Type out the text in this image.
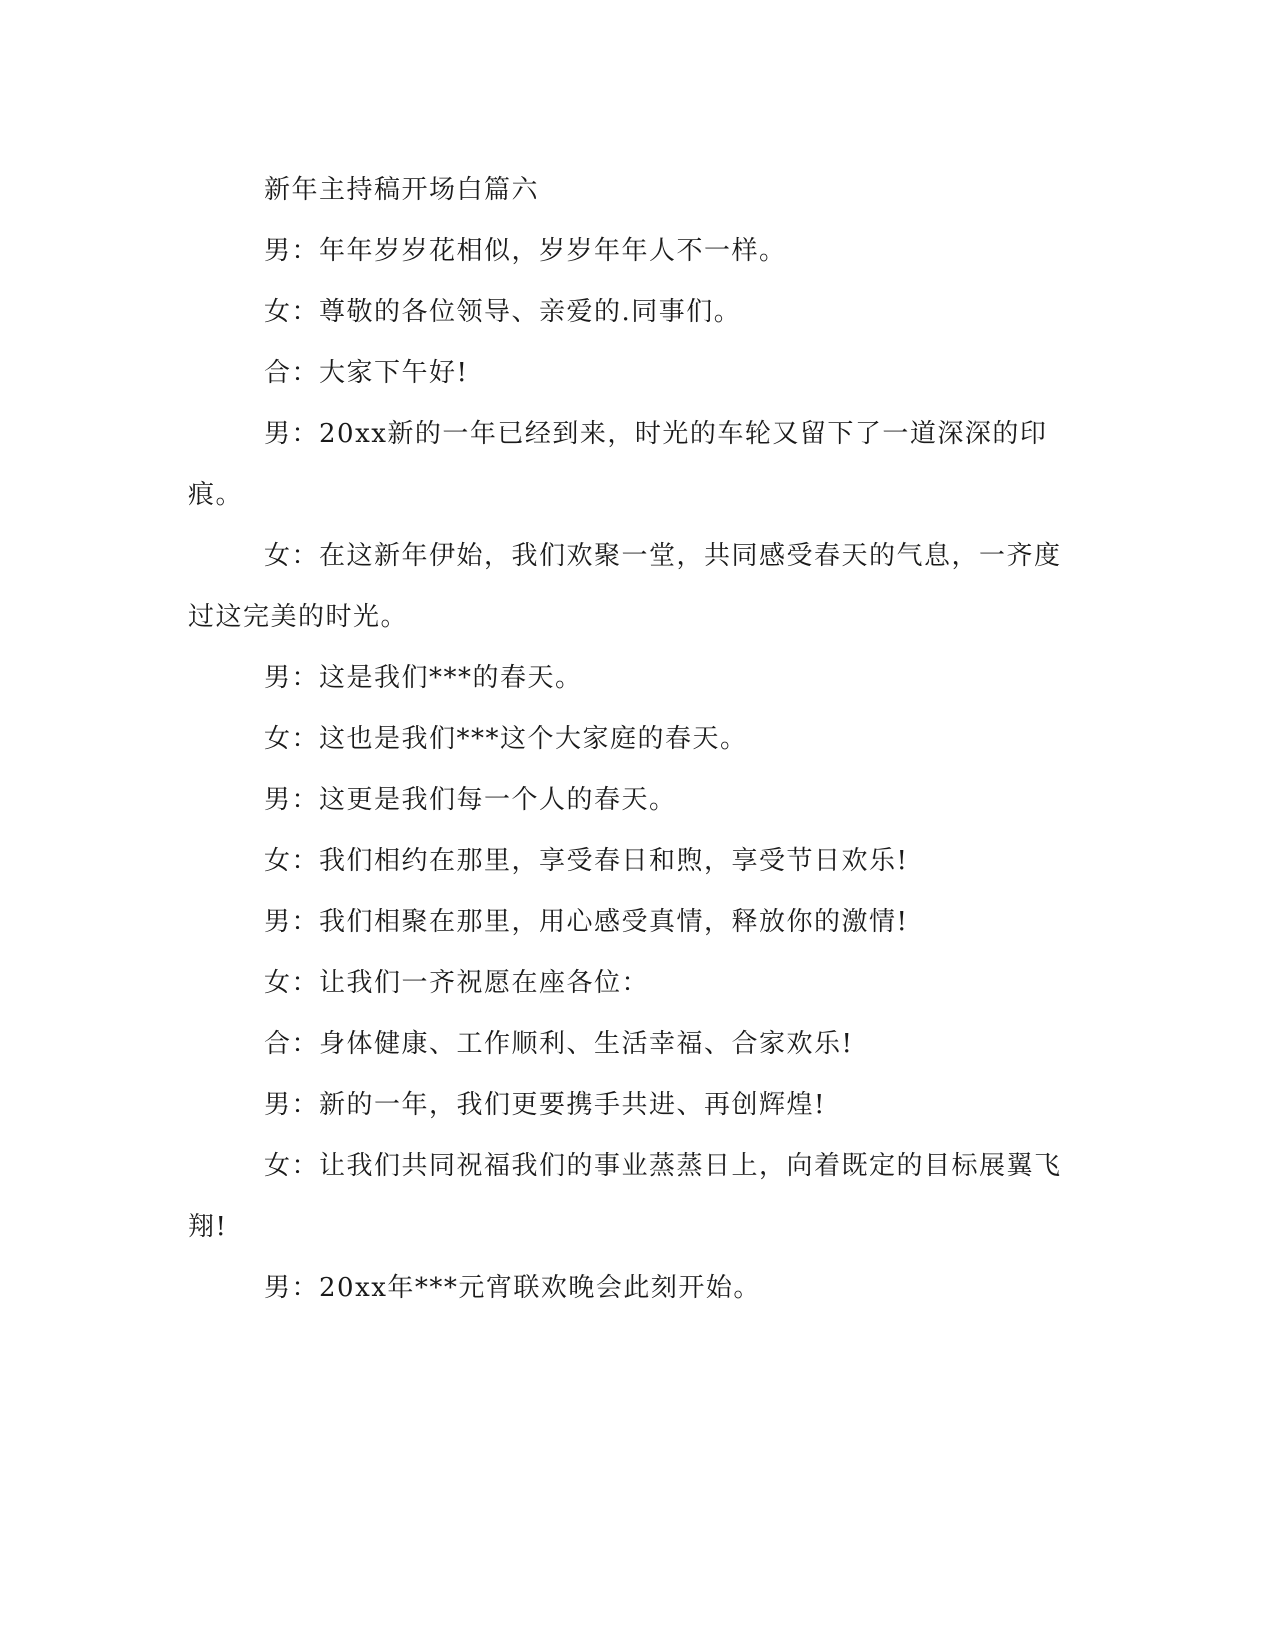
新年主持稿开场白篇六

男：年年岁岁花相似，岁岁年年人不一样。

女：尊敬的各位领导、亲爱的.同事们。

合：大家下午好!

男：20xx新的一年已经到来，时光的车轮又留下了一道深深的印痕。

女：在这新年伊始，我们欢聚一堂，共同感受春天的气息，一齐度过这完美的时光。

男：这是我们***的春天。

女：这也是我们***这个大家庭的春天。

男：这更是我们每一个人的春天。

女：我们相约在那里，享受春日和煦，享受节日欢乐!

男：我们相聚在那里，用心感受真情，释放你的激情!

女：让我们一齐祝愿在座各位：

合：身体健康、工作顺利、生活幸福、合家欢乐!

男：新的一年，我们更要携手共进、再创辉煌!

女：让我们共同祝福我们的事业蒸蒸日上，向着既定的目标展翼飞翔!

男：20xx年***元宵联欢晚会此刻开始。
